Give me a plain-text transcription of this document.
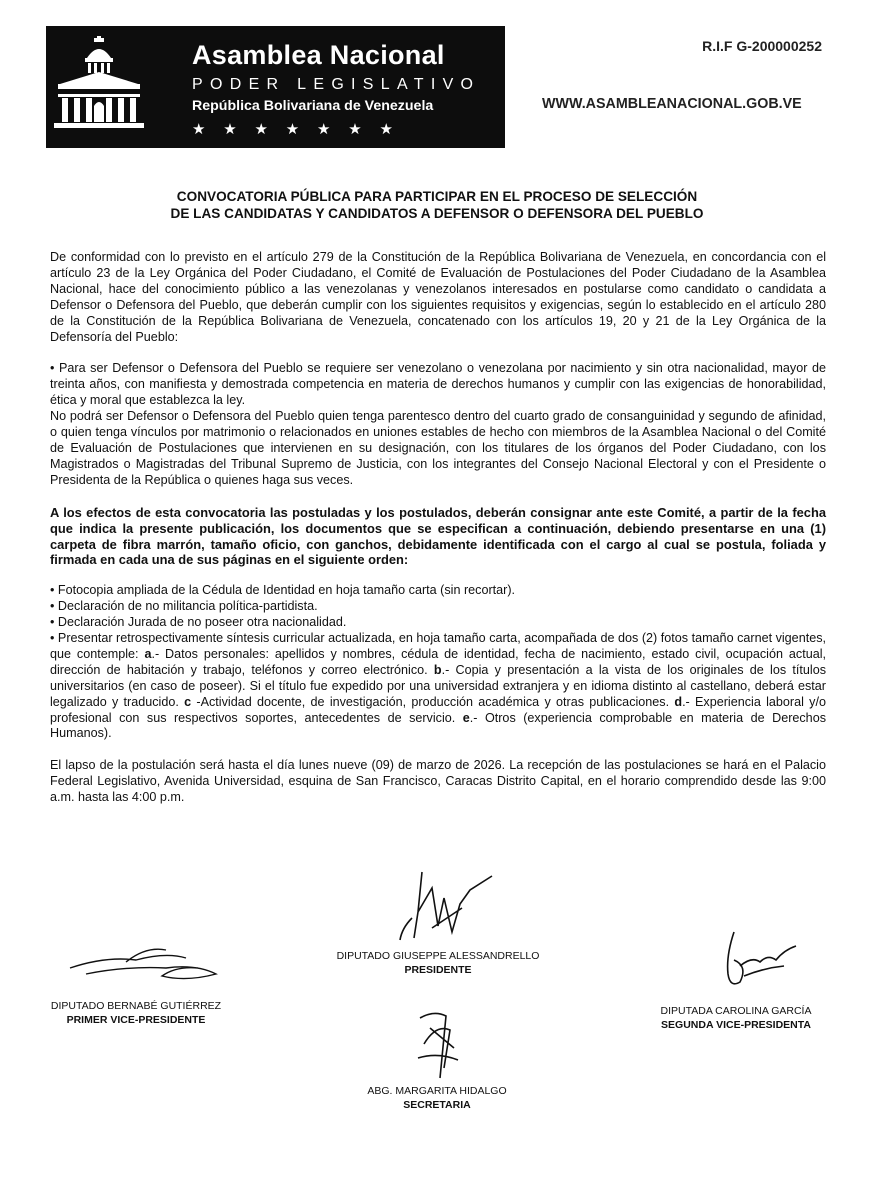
Asamblea Nacional
PODER LEGISLATIVO
República Bolivariana de Venezuela
★★★★★★★
R.I.F G-200000252
WWW.ASAMBLEANACIONAL.GOB.VE
CONVOCATORIA PÚBLICA PARA PARTICIPAR EN EL PROCESO DE SELECCIÓN
DE LAS CANDIDATAS Y CANDIDATOS A DEFENSOR O DEFENSORA DEL PUEBLO

De conformidad con lo previsto en el artículo 279 de la Constitución de la República Bolivariana de Venezuela, en concordancia con el artículo 23 de la Ley Orgánica del Poder Ciudadano, el Comité de Evaluación de Postulaciones del Poder Ciudadano de la Asamblea Nacional, hace del conocimiento público a las venezolanas y venezolanos interesados en postularse como candidato o candidata a Defensor o Defensora del Pueblo, que deberán cumplir con los siguientes requisitos y exigencias, según lo establecido en el artículo 280 de la Constitución de la República Bolivariana de Venezuela, concatenado con los artículos 19, 20 y 21 de la Ley Orgánica de la Defensoría del Pueblo:

• Para ser Defensor o Defensora del Pueblo se requiere ser venezolano o venezolana por nacimiento y sin otra nacionalidad, mayor de treinta años, con manifiesta y demostrada competencia en materia de derechos humanos y cumplir con las exigencias de honorabilidad, ética y moral que establezca la ley.

No podrá ser Defensor o Defensora del Pueblo quien tenga parentesco dentro del cuarto grado de consanguinidad y segundo de afinidad, o quien tenga vínculos por matrimonio o relacionados en uniones estables de hecho con miembros de la Asamblea Nacional o del Comité de Evaluación de Postulaciones que intervienen en su designación, con los titulares de los órganos del Poder Ciudadano, con los Magistrados o Magistradas del Tribunal Supremo de Justicia, con los integrantes del Consejo Nacional Electoral y con el Presidente o Presidenta de la República o quienes haga sus veces.

A los efectos de esta convocatoria las postuladas y los postulados, deberán consignar ante este Comité, a partir de la fecha que indica la presente publicación, los documentos que se especifican a continuación, debiendo presentarse en una (1) carpeta de fibra marrón, tamaño oficio, con ganchos, debidamente identificada con el cargo al cual se postula, foliada y firmada en cada una de sus páginas en el siguiente orden:

• Fotocopia ampliada de la Cédula de Identidad en hoja tamaño carta (sin recortar).

• Declaración de no militancia política-partidista.

• Declaración Jurada de no poseer otra nacionalidad.

• Presentar retrospectivamente síntesis curricular actualizada, en hoja tamaño carta, acompañada de dos (2) fotos tamaño carnet vigentes, que contemple: a.- Datos personales: apellidos y nombres, cédula de identidad, fecha de nacimiento, estado civil, ocupación actual, dirección de habitación y trabajo, teléfonos y correo electrónico. b.- Copia y presentación a la vista de los originales de los títulos universitarios (en caso de poseer). Si el título fue expedido por una universidad extranjera y en idioma distinto al castellano, deberá estar legalizado y traducido. c -Actividad docente, de investigación, producción académica y otras publicaciones. d.- Experiencia laboral y/o profesional con sus respectivos soportes, antecedentes de servicio. e.- Otros (experiencia comprobable en materia de Derechos Humanos).

El lapso de la postulación será hasta el día lunes nueve (09) de marzo de 2026. La recepción de las postulaciones se hará en el Palacio Federal Legislativo, Avenida Universidad, esquina de San Francisco, Caracas Distrito Capital, en el horario comprendido desde las 9:00 a.m. hasta las 4:00 p.m.

DIPUTADO GIUSEPPE ALESSANDRELLO
PRESIDENTE
DIPUTADO BERNABÉ GUTIÉRREZ
PRIMER VICE-PRESIDENTE
DIPUTADA CAROLINA GARCÍA
SEGUNDA VICE-PRESIDENTA
ABG. MARGARITA HIDALGO
SECRETARIA
